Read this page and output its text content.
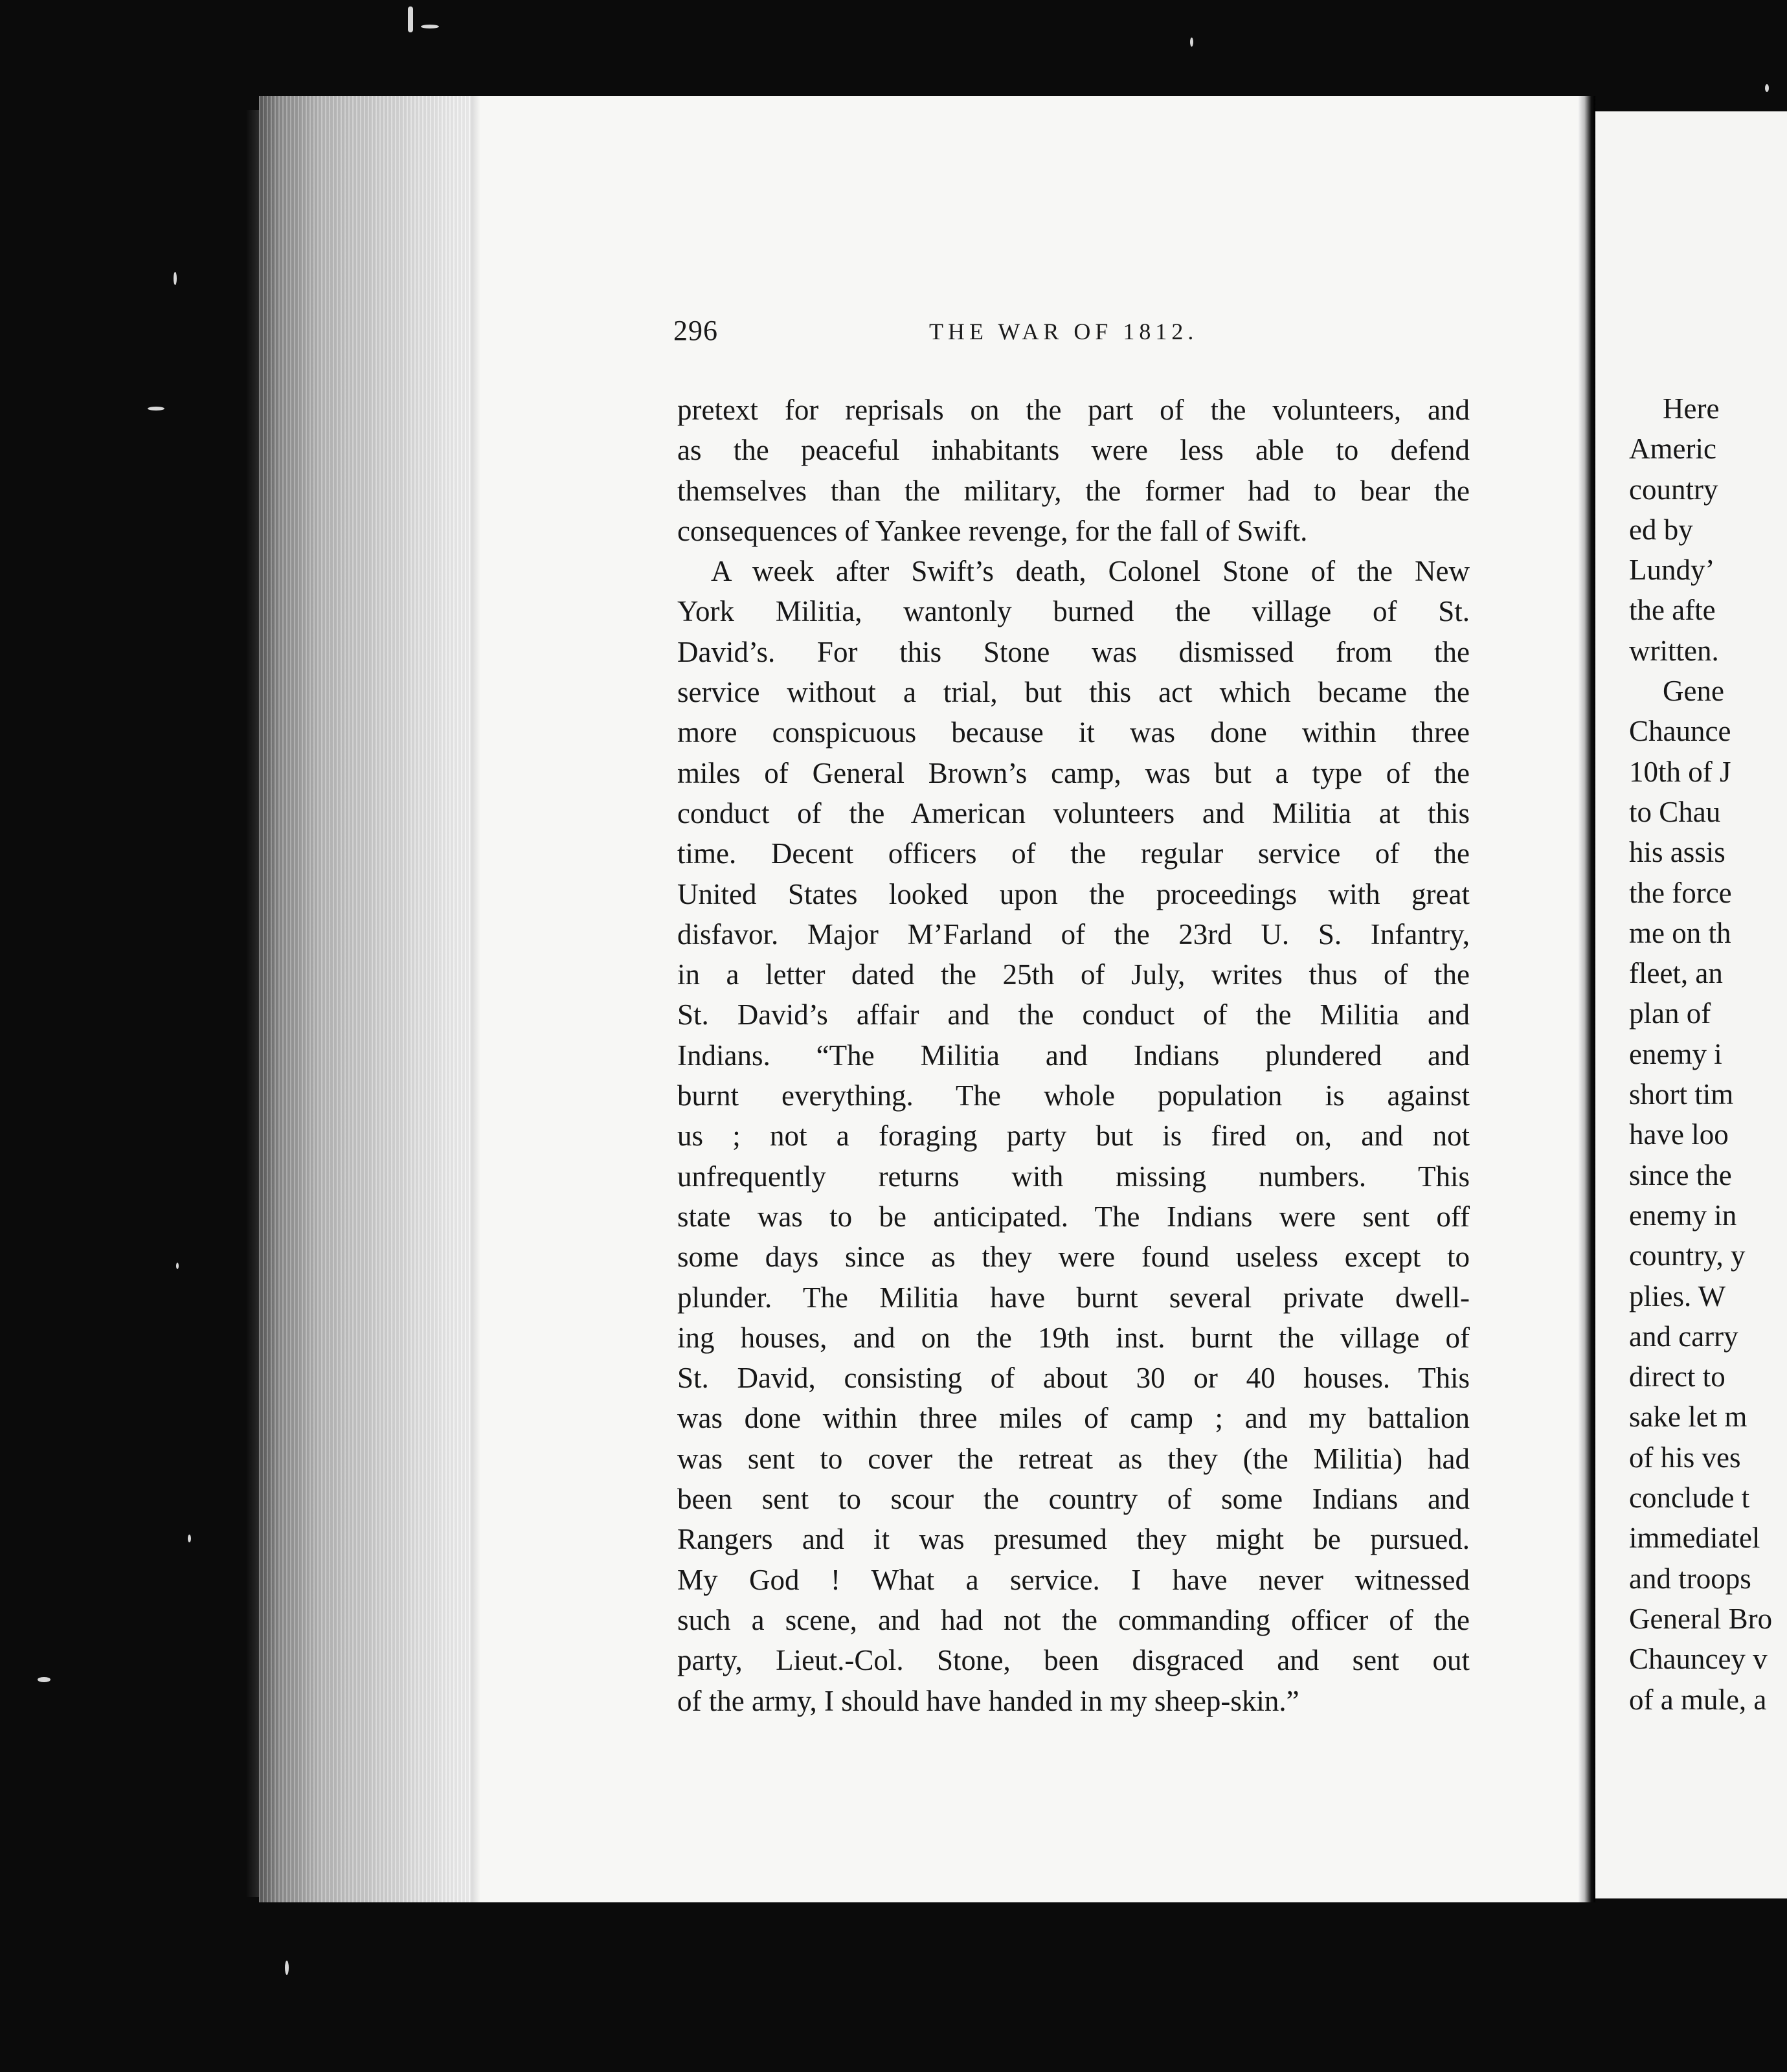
296	THE WAR OF 1812.
pretext for reprisals on the part of the volunteers, and
as the peaceful inhabitants were less able to defend
themselves than the military, the former had to bear the
consequences of Yankee revenge, for the fall of Swift.
A week after Swift’s death, Colonel Stone of the New
York Militia, wantonly burned the village of St.
David’s. For this Stone was dismissed from the
service without a trial, but this act which became the
more conspicuous because it was done within three
miles of General Brown’s camp, was but a type of the
conduct of the American volunteers and Militia at this
time. Decent officers of the regular service of the
United States looked upon the proceedings with great
disfavor. Major M’Farland of the 23rd U. S. Infantry,
in a letter dated the 25th of July, writes thus of the
St. David’s affair and the conduct of the Militia and
Indians. “The Militia and Indians plundered and
burnt everything. The whole population is against
us ; not a foraging party but is fired on, and not
unfrequently returns with missing numbers. This
state was to be anticipated. The Indians were sent off
some days since as they were found useless except to
plunder. The Militia have burnt several private dwell-
ing houses, and on the 19th inst. burnt the village of
St. David, consisting of about 30 or 40 houses. This
was done within three miles of camp ; and my battalion
was sent to cover the retreat as they (the Militia) had
been sent to scour the country of some Indians and
Rangers and it was presumed they might be pursued.
My God ! What a service. I have never witnessed
such a scene, and had not the commanding officer of the
party, Lieut.-Col. Stone, been disgraced and sent out
of the army, I should have handed in my sheep-skin.”
Here
Americ
country
ed by
Lundy’
the afte
written.
Gene
Chaunce
10th of J
to Chau
his assis
the force
me on th
fleet, an
plan of
enemy i
short tim
have loo
since the
enemy in
country, y
plies. W
and carry
direct to
sake let m
of his ves
conclude t
immediatel
and troops
General Bro
Chauncey v
of a mule, a
